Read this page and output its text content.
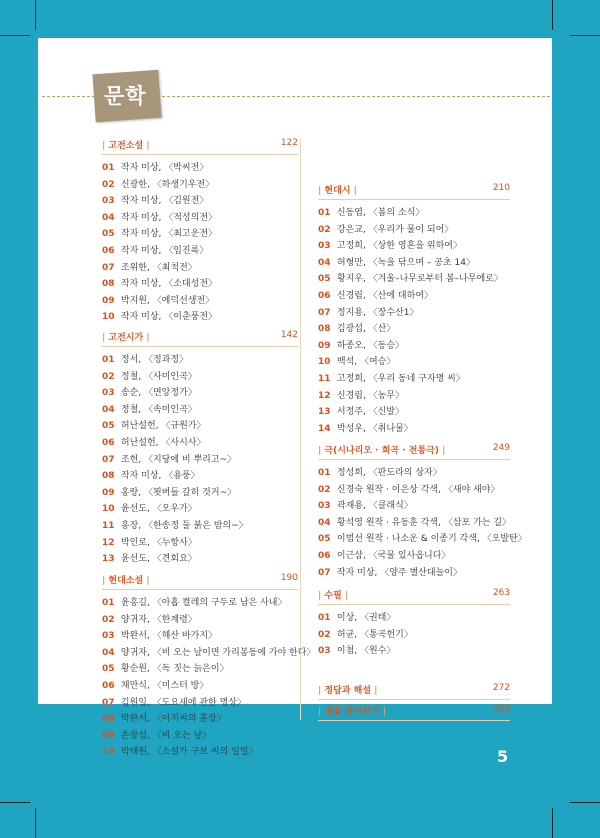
문학
| 고전소설 |	122
01 작자 미상, 〈박씨전〉
02 신광한, 〈하생기우전〉
03 작자 미상, 〈김원전〉
04 작자 미상, 〈적성의전〉
05 작자 미상, 〈최고운전〉
06 작자 미상, 〈임진록〉
07 조위한, 〈최척전〉
08 작자 미상, 〈소대성전〉
09 박지원, 〈예덕선생전〉
10 작자 미상, 〈이춘풍전〉
| 고전시가 |	142
01 정서, 〈정과정〉
02 정철, 〈사미인곡〉
03 송순, 〈면앙정가〉
04 정철, 〈속미인곡〉
05 허난설헌, 〈규원가〉
06 허난설헌, 〈사시사〉
07 조헌, 〈지당에 비 뿌리고~〉
08 작자 미상, 〈용풍〉
09 홍랑, 〈묏버들 갈히 것거~〉
10 윤선도, 〈오우가〉
11 홍장, 〈한송정 둘 붉은 밤의~〉
12 박인로, 〈누항사〉
13 윤선도, 〈견회요〉
| 현대소설 |	190
01 윤흥길, 〈아홉 켤레의 구두로 남은 사내〉
02 양귀자, 〈한계령〉
03 박완서, 〈해산 바가지〉
04 양귀자, 〈비 오는 날이면 가리봉동에 가야 한다〉
05 황순원, 〈독 짓는 늙은이〉
06 채만식, 〈미스터 방〉
07 김원일, 〈도요새에 관한 명상〉
08 박완서, 〈이지씨의 훈장〉
09 손창섭, 〈비 오는 날〉
10 박태원, 〈소설가 구보 씨의 일일〉
| 현대시 |	210
01 신동엽, 〈봄의 소식〉
02 강은교, 〈우리가 물이 되어〉
03 고정희, 〈상한 영혼을 위하여〉
04 허형만, 〈녹을 닦으며 – 공초 14〉
05 황지우, 〈겨울–나무로부터 봄–나무에로〉
06 신경림, 〈산에 대하여〉
07 정지용, 〈장수산1〉
08 김광섭, 〈산〉
09 하종오, 〈동승〉
10 백석, 〈여승〉
11 고정희, 〈우리 동네 구자명 씨〉
12 신경림, 〈농무〉
13 서정주, 〈신발〉
14 박성우, 〈취나물〉
| 극(시나리오 · 희곡 · 전통극) |	249
01 정성희, 〈판도라의 상자〉
02 신경숙 원작 · 이은상 각색, 〈새야 새야〉
03 곽재용, 〈클래식〉
04 황석영 원작 · 유동훈 각색, 〈삼포 가는 길〉
05 이범선 원작 · 나소운 & 이종기 각색, 〈오발탄〉
06 이근삼, 〈국물 있사옵니다〉
07 작자 미상, 〈양주 별산대놀이〉
| 수필 |	263
01 이상, 〈권태〉
02 허균, 〈통곡헌기〉
03 이첨, 〈원수〉
| 정답과 해설 |	272
| 작품 찾아보기 |	285
5
